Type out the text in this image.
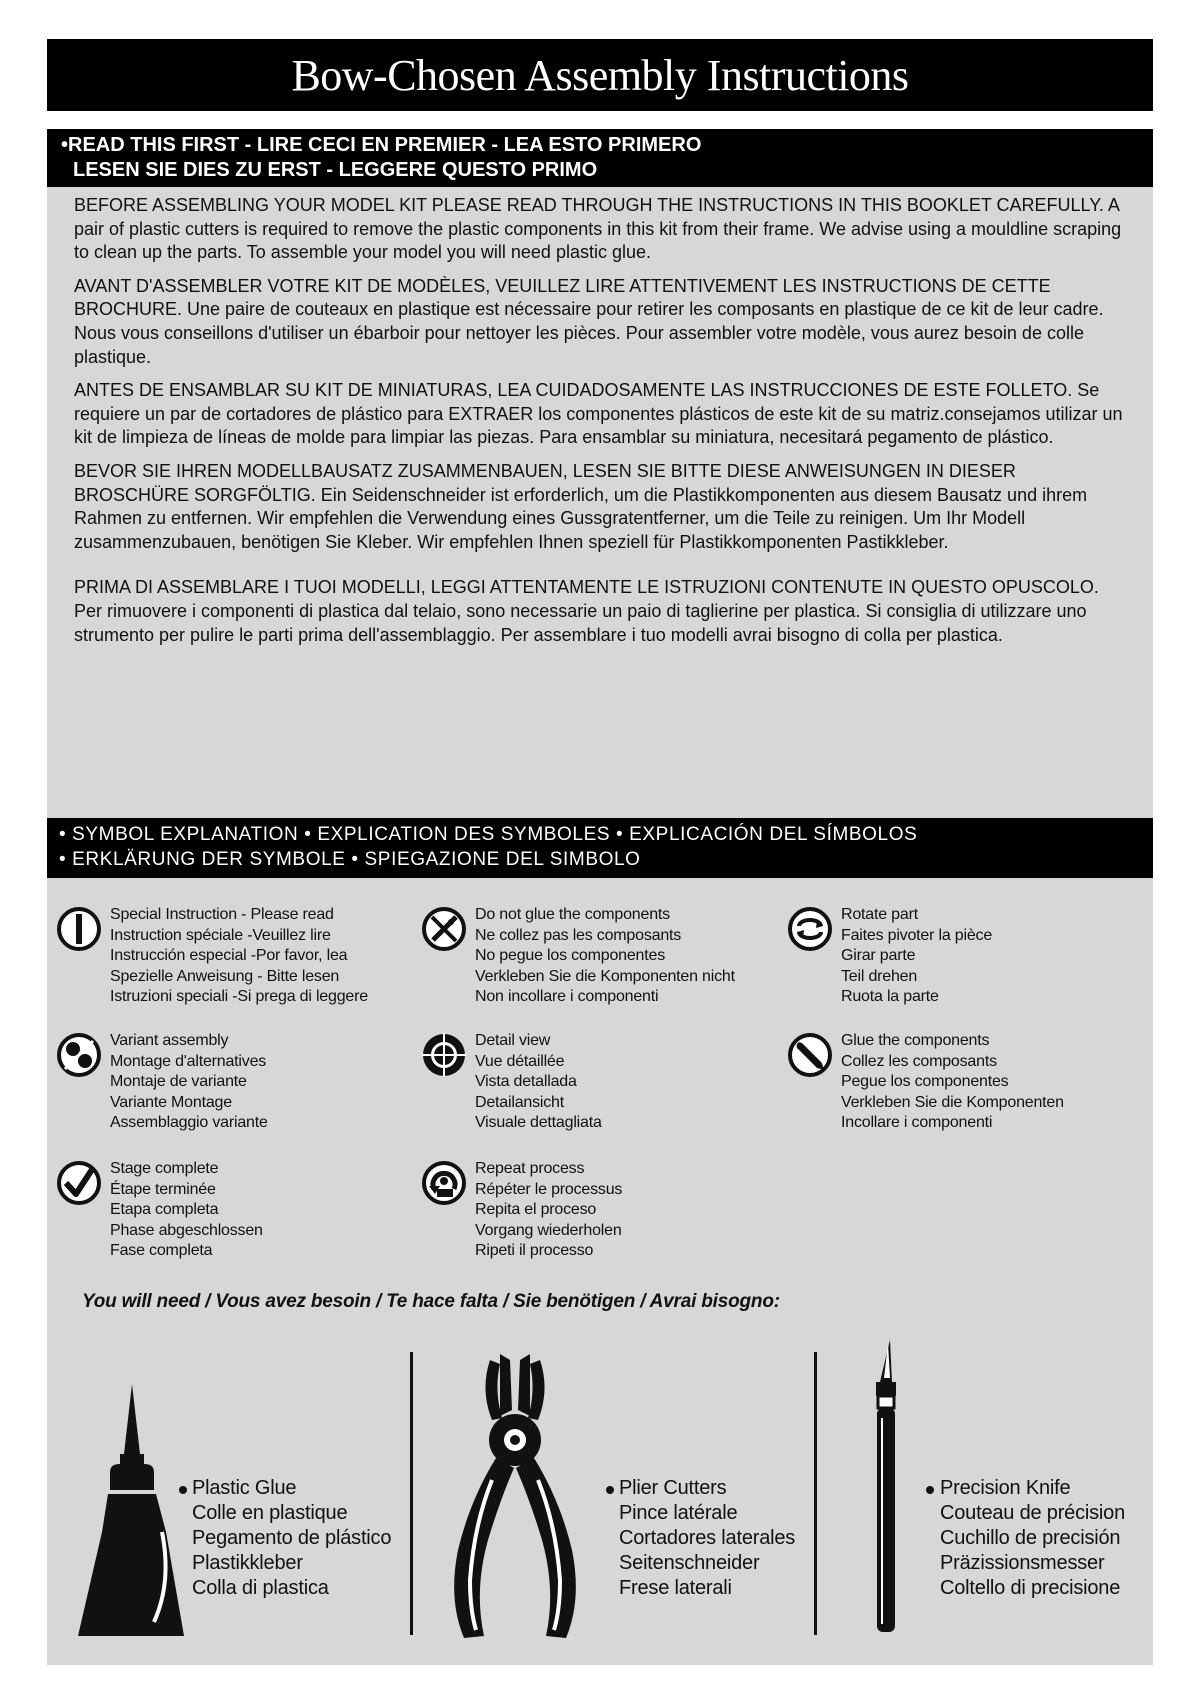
Bow-Chosen Assembly Instructions
•READ THIS FIRST - LIRE CECI EN PREMIER - LEA ESTO PRIMERO
LESEN SIE DIES ZU ERST - LEGGERE QUESTO PRIMO

BEFORE ASSEMBLING YOUR MODEL KIT PLEASE READ THROUGH THE INSTRUCTIONS IN THIS BOOKLET CAREFULLY. A pair of plastic cutters is required to remove the plastic components in this kit from their frame. We advise using a mouldline scraping to clean up the parts. To assemble your model you will need plastic glue.

AVANT D'ASSEMBLER VOTRE KIT DE MODÈLES, VEUILLEZ LIRE ATTENTIVEMENT LES INSTRUCTIONS DE CETTE BROCHURE. Une paire de couteaux en plastique est nécessaire pour retirer les composants en plastique de ce kit de leur cadre. Nous vous conseillons d'utiliser un ébarboir pour nettoyer les pièces. Pour assembler votre modèle, vous aurez besoin de colle plastique.

ANTES DE ENSAMBLAR SU KIT DE MINIATURAS, LEA CUIDADOSAMENTE LAS INSTRUCCIONES DE ESTE FOLLETO. Se requiere un par de cortadores de plástico para EXTRAER los componentes plásticos de este kit de su matriz.consejamos utilizar un kit de limpieza de líneas de molde para limpiar las piezas. Para ensamblar su miniatura, necesitará pegamento de plástico.

BEVOR SIE IHREN MODELLBAUSATZ ZUSAMMENBAUEN, LESEN SIE BITTE DIESE ANWEISUNGEN IN DIESER BROSCHÜRE SORGFÖLTIG. Ein Seidenschneider ist erforderlich, um die Plastikkomponenten aus diesem Bausatz und ihrem Rahmen zu entfernen. Wir empfehlen die Verwendung eines Gussgratentferner, um die Teile zu reinigen. Um Ihr Modell zusammenzubauen, benötigen Sie Kleber. Wir empfehlen Ihnen speziell für Plastikkomponenten Pastikkleber.

PRIMA DI ASSEMBLARE I TUOI MODELLI, LEGGI ATTENTAMENTE LE ISTRUZIONI CONTENUTE IN QUESTO OPUSCOLO. Per rimuovere i componenti di plastica dal telaio, sono necessarie un paio di taglierine per plastica. Si consiglia di utilizzare uno strumento per pulire le parti prima dell'assemblaggio. Per assemblare i tuo modelli avrai bisogno di colla per plastica.

• SYMBOL EXPLANATION • EXPLICATION DES SYMBOLES • EXPLICACIÓN DEL SÍMBOLOS
• ERKLÄRUNG DER SYMBOLE • SPIEGAZIONE DEL SIMBOLO
Special Instruction - Please read
Instruction spéciale -Veuillez lire
Instrucción especial -Por favor, lea
Spezielle Anweisung - Bitte lesen
Istruzioni speciali -Si prega di leggere
Do not glue the components
Ne collez pas les composants
No pegue los componentes
Verkleben Sie die Komponenten nicht
Non incollare i componenti
Rotate part
Faites pivoter la pièce
Girar parte
Teil drehen
Ruota la parte
Variant assembly
Montage d'alternatives
Montaje de variante
Variante Montage
Assemblaggio variante
Detail view
Vue détaillée
Vista detallada
Detailansicht
Visuale dettagliata
Glue the components
Collez les composants
Pegue los componentes
Verkleben Sie die Komponenten
Incollare i componenti
Stage complete
Étape terminée
Etapa completa
Phase abgeschlossen
Fase completa
Repeat process
Répéter le processus
Repita el proceso
Vorgang wiederholen
Ripeti il processo
You will need / Vous avez besoin / Te hace falta / Sie benötigen / Avrai bisogno:
Plastic Glue
Colle en plastique
Pegamento de plástico
Plastikkleber
Colla di plastica
Plier Cutters
Pince latérale
Cortadores laterales
Seitenschneider
Frese laterali
Precision Knife
Couteau de précision
Cuchillo de precisión
Präzissionsmesser
Coltello di precisione
